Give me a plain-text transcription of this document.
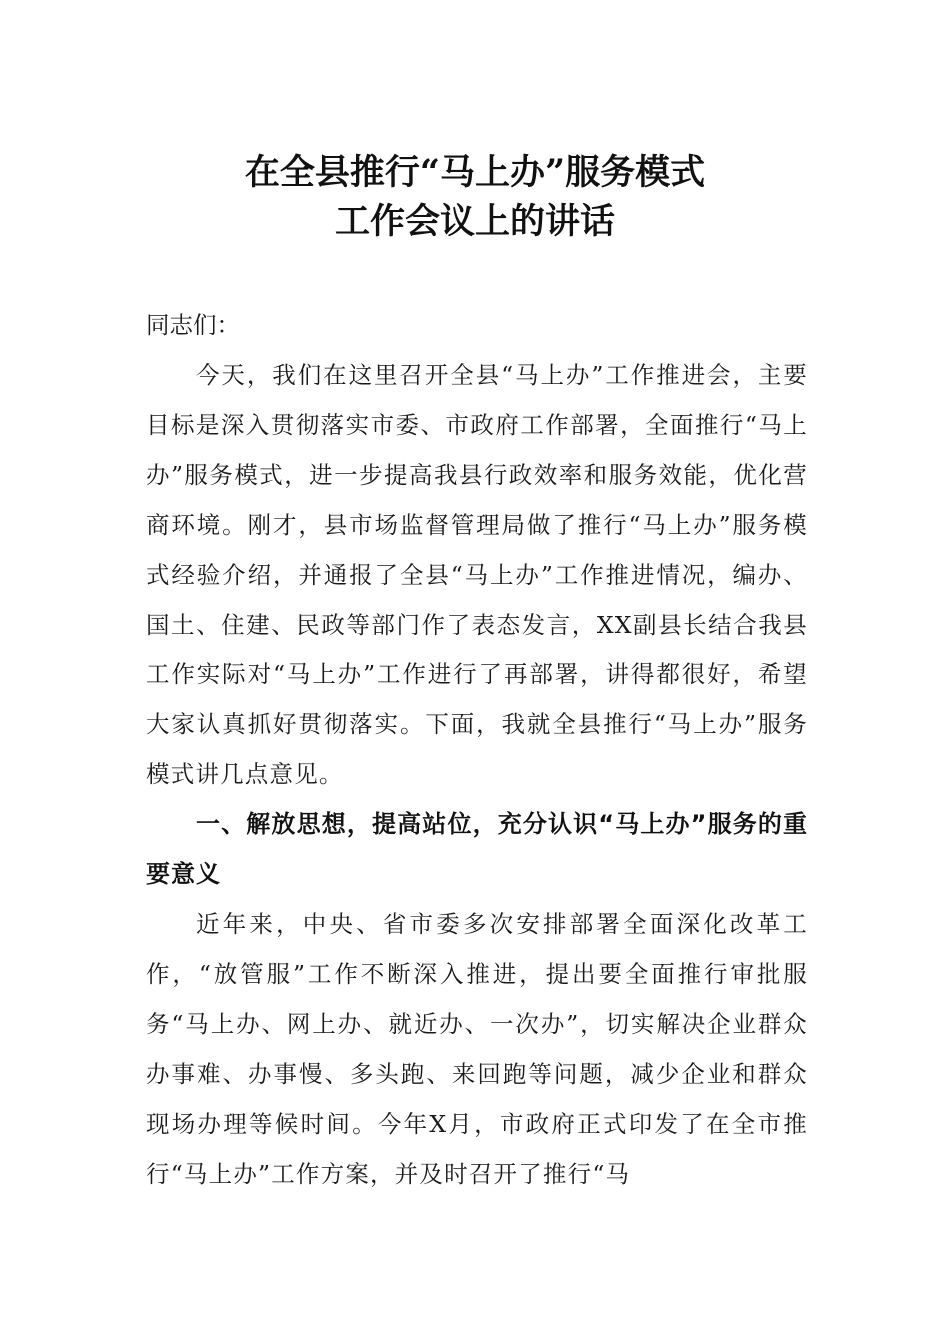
在全县推行“马上办”服务模式
工作会议上的讲话
同志们：
今天，我们在这里召开全县“马上办”工作推进会，主要目标是深入贯彻落实市委、市政府工作部署，全面推行“马上办”服务模式，进一步提高我县行政效率和服务效能，优化营商环境。刚才，县市场监督管理局做了推行“马上办”服务模式经验介绍，并通报了全县“马上办”工作推进情况，编办、国土、住建、民政等部门作了表态发言，XX副县长结合我县工作实际对“马上办”工作进行了再部署，讲得都很好，希望大家认真抓好贯彻落实。下面，我就全县推行“马上办”服务模式讲几点意见。
一、解放思想，提高站位，充分认识“马上办”服务的重要意义
近年来，中央、省市委多次安排部署全面深化改革工作，“放管服”工作不断深入推进，提出要全面推行审批服务“马上办、网上办、就近办、一次办”，切实解决企业群众办事难、办事慢、多头跑、来回跑等问题，减少企业和群众现场办理等候时间。今年X月，市政府正式印发了在全市推行“马上办”工作方案，并及时召开了推行“马
